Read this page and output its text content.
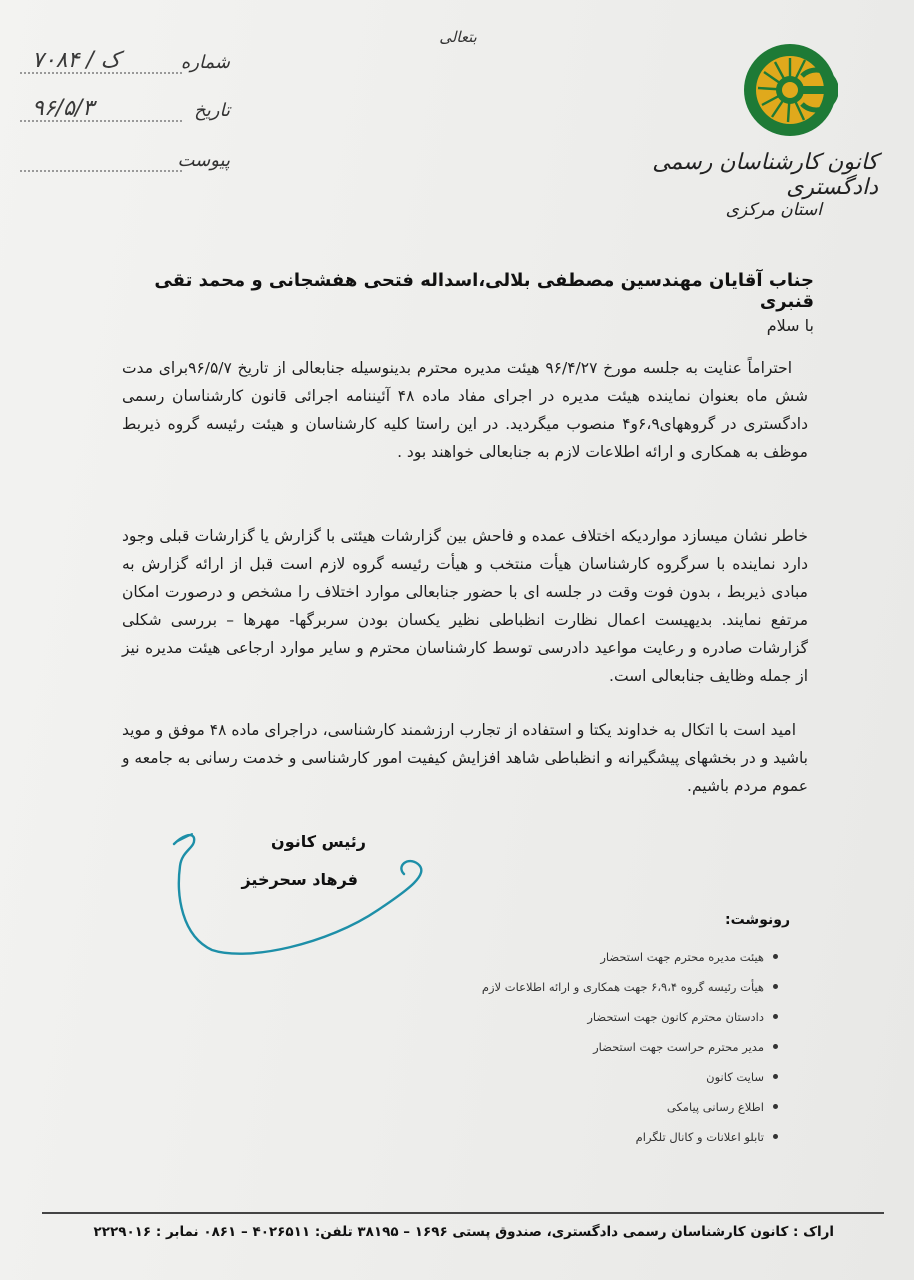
کانون کارشناسان رسمی دادگستری
استان مرکزی
بتعالی
شماره
۷۰۸۴ / ک
تاریخ
۹۶/۵/۳
پیوست
جناب آقایان مهندسین مصطفی بلالی،اسداله فتحی هفشجانی و محمد تقی قنبری
با سلام
احتراماً عنایت به جلسه مورخ ۹۶/۴/۲۷ هیئت مدیره محترم بدینوسیله جنابعالی از تاریخ ۹۶/۵/۷برای مدت شش ماه بعنوان نماینده هیئت مدیره در اجرای مفاد ماده ۴۸ آئیننامه اجرائی قانون کارشناسان رسمی دادگستری در گروههای۶،۹و۴ منصوب میگردید. در این راستا کلیه کارشناسان و هیئت رئیسه گروه ذیربط موظف به همکاری و ارائه اطلاعات لازم به جنابعالی خواهند بود .
خاطر نشان میسازد مواردیکه اختلاف عمده و فاحش بین گزارشات هیئتی با گزارش یا گزارشات قبلی وجود دارد نماینده با سرگروه کارشناسان هیأت منتخب و هیأت رئیسه گروه لازم است قبل از ارائه گزارش به مبادی ذیربط ، بدون فوت وقت در جلسه ای با حضور جنابعالی موارد اختلاف را مشخص و درصورت امکان مرتفع نمایند. بدیهیست اعمال نظارت انظباطی نظیر یکسان بودن سربرگها- مهرها – بررسی شکلی گزارشات صادره و رعایت مواعید دادرسی توسط کارشناسان محترم و سایر موارد ارجاعی هیئت مدیره نیز از جمله وظایف جنابعالی است.
امید است با اتکال به خداوند یکتا و استفاده از تجارب ارزشمند کارشناسی، دراجرای ماده ۴۸ موفق و موید باشید و در بخشهای پیشگیرانه و انظباطی شاهد افزایش کیفیت امور کارشناسی و خدمت رسانی به جامعه و عموم مردم باشیم.
رئیس کانون
فرهاد سحرخیز
رونوشت:
هیئت مدیره محترم جهت استحضار
هیأت رئیسه گروه ۶،۹،۴ جهت همکاری و ارائه اطلاعات لازم
دادستان محترم کانون جهت استحضار
مدیر محترم حراست جهت استحضار
سایت کانون
اطلاع رسانی پیامکی
تابلو اعلانات و کانال تلگرام
اراک : کانون کارشناسان رسمی دادگستری، صندوق پستی ۱۶۹۶ – ۳۸۱۹۵ تلفن: ۴۰۲۶۵۱۱ – ۰۸۶۱ نمابر : ۲۲۲۹۰۱۶
